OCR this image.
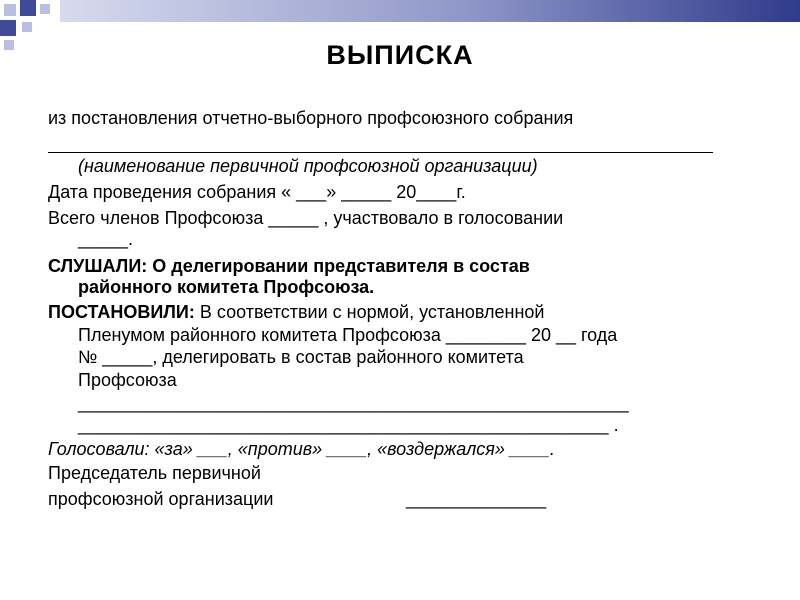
ВЫПИСКА
из постановления отчетно-выборного профсоюзного собрания
(наименование первичной профсоюзной организации)
Дата проведения собрания « ___» _____ 20____г.
Всего членов Профсоюза _____ , участвовало в голосовании
_____.
СЛУШАЛИ: О делегировании представителя в состав
районного комитета Профсоюза.
ПОСТАНОВИЛИ: В соответствии с нормой, установленной
Пленумом районного комитета Профсоюза ________ 20 __ года
№ _____, делегировать в состав районного комитета
Профсоюза
_______________________________________________________
_____________________________________________________ .
Голосовали: «за» ___, «против» ____, «воздержался» ____.
Председатель первичной
профсоюзной организации	______________
